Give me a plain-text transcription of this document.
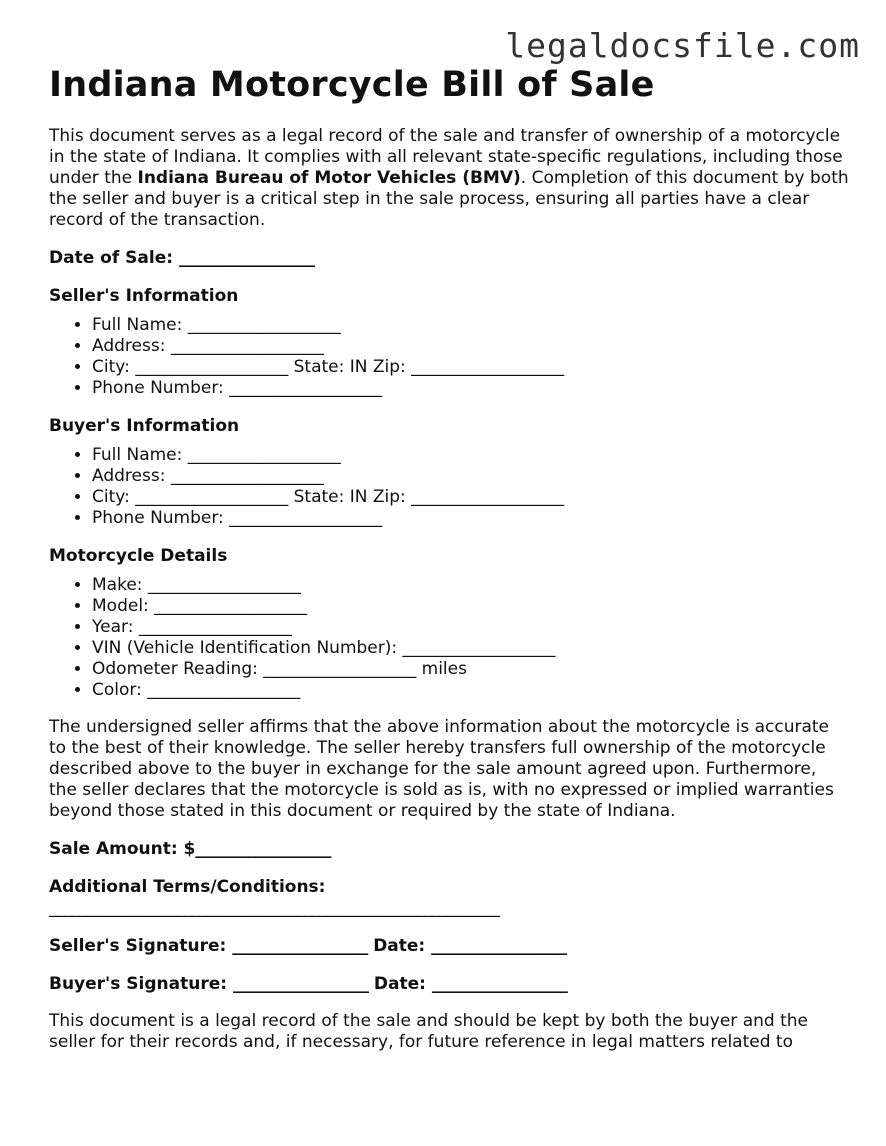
legaldocsfile.com
Indiana Motorcycle Bill of Sale

This document serves as a legal record of the sale and transfer of ownership of a motorcycle in the state of Indiana. It complies with all relevant state-specific regulations, including those under the Indiana Bureau of Motor Vehicles (BMV). Completion of this document by both the seller and buyer is a critical step in the sale process, ensuring all parties have a clear record of the transaction.

Date of Sale: __________________
Seller's Information
• Full Name: __________________
• Address: __________________
• City: __________________ State: IN Zip: __________________
• Phone Number: __________________
Buyer's Information
• Full Name: __________________
• Address: __________________
• City: __________________ State: IN Zip: __________________
• Phone Number: __________________
Motorcycle Details
• Make: __________________
• Model: __________________
• Year: __________________
• VIN (Vehicle Identification Number): __________________
• Odometer Reading: __________________ miles
• Color: __________________

The undersigned seller affirms that the above information about the motorcycle is accurate to the best of their knowledge. The seller hereby transfers full ownership of the motorcycle described above to the buyer in exchange for the sale amount agreed upon. Furthermore, the seller declares that the motorcycle is sold as is, with no expressed or implied warranties beyond those stated in this document or required by the state of Indiana.

Sale Amount: $__________________
Additional Terms/Conditions:
____________________________________________________________
Seller's Signature: __________________ Date: __________________
Buyer's Signature: __________________ Date: __________________

This document is a legal record of the sale and should be kept by both the buyer and the seller for their records and, if necessary, for future reference in legal matters related to
